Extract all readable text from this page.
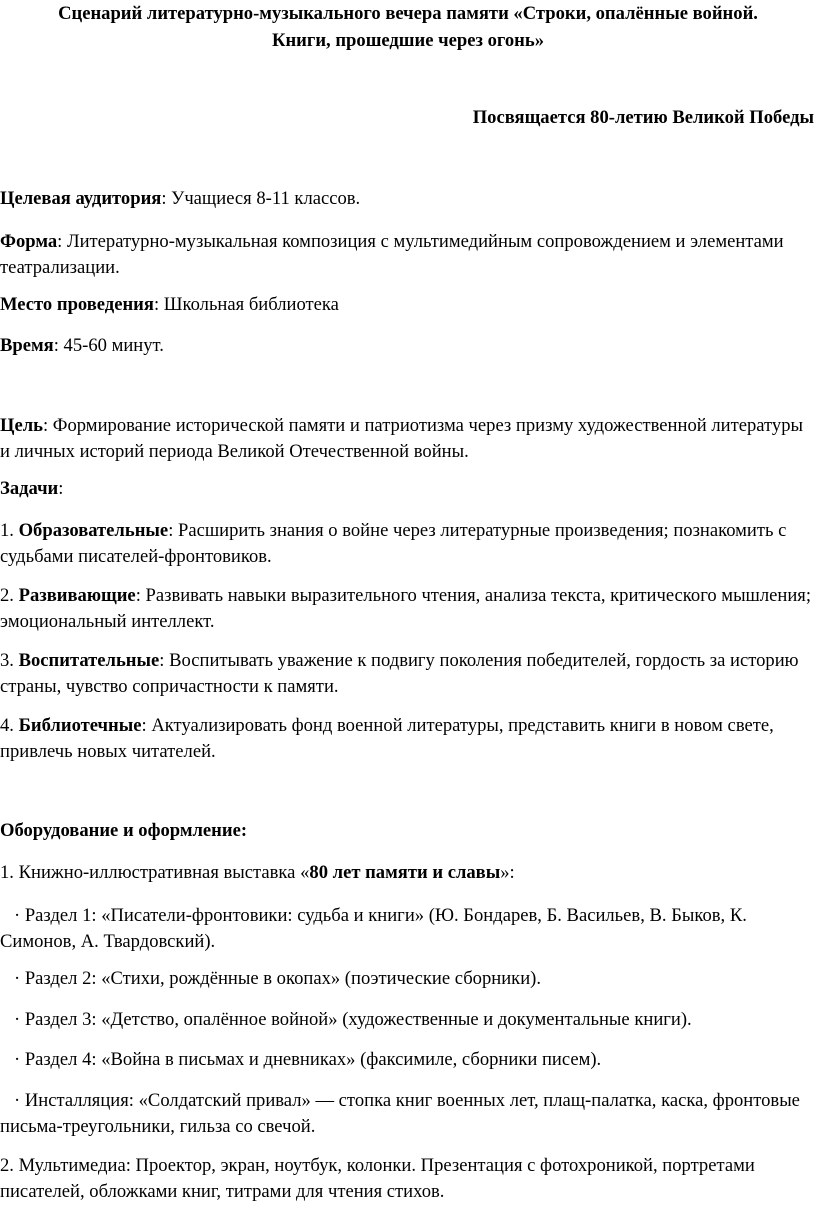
Сценарий литературно-музыкального вечера памяти «Строки, опалённые войной.
Книги, прошедшие через огонь»
Посвящается 80-летию Великой Победы

Целевая аудитория: Учащиеся 8-11 классов.

Форма: Литературно-музыкальная композиция с мультимедийным сопровождением и элементами театрализации.

Место проведения: Школьная библиотека

Время: 45-60 минут.

Цель: Формирование исторической памяти и патриотизма через призму художественной литературы и личных историй периода Великой Отечественной войны.

Задачи:

1. Образовательные: Расширить знания о войне через литературные произведения; познакомить с судьбами писателей-фронтовиков.

2. Развивающие: Развивать навыки выразительного чтения, анализа текста, критического мышления; эмоциональный интеллект.

3. Воспитательные: Воспитывать уважение к подвигу поколения победителей, гордость за историю страны, чувство сопричастности к памяти.

4. Библиотечные: Актуализировать фонд военной литературы, представить книги в новом свете, привлечь новых читателей.

Оборудование и оформление:

1. Книжно-иллюстративная выставка «80 лет памяти и славы»:

· Раздел 1: «Писатели-фронтовики: судьба и книги» (Ю. Бондарев, Б. Васильев, В. Быков, К. Симонов, А. Твардовский).

· Раздел 2: «Стихи, рождённые в окопах» (поэтические сборники).

· Раздел 3: «Детство, опалённое войной» (художественные и документальные книги).

· Раздел 4: «Война в письмах и дневниках» (факсимиле, сборники писем).

· Инсталляция: «Солдатский привал» — стопка книг военных лет, плащ-палатка, каска, фронтовые письма-треугольники, гильза со свечой.

2. Мультимедиа: Проектор, экран, ноутбук, колонки. Презентация с фотохроникой, портретами писателей, обложками книг, титрами для чтения стихов.
